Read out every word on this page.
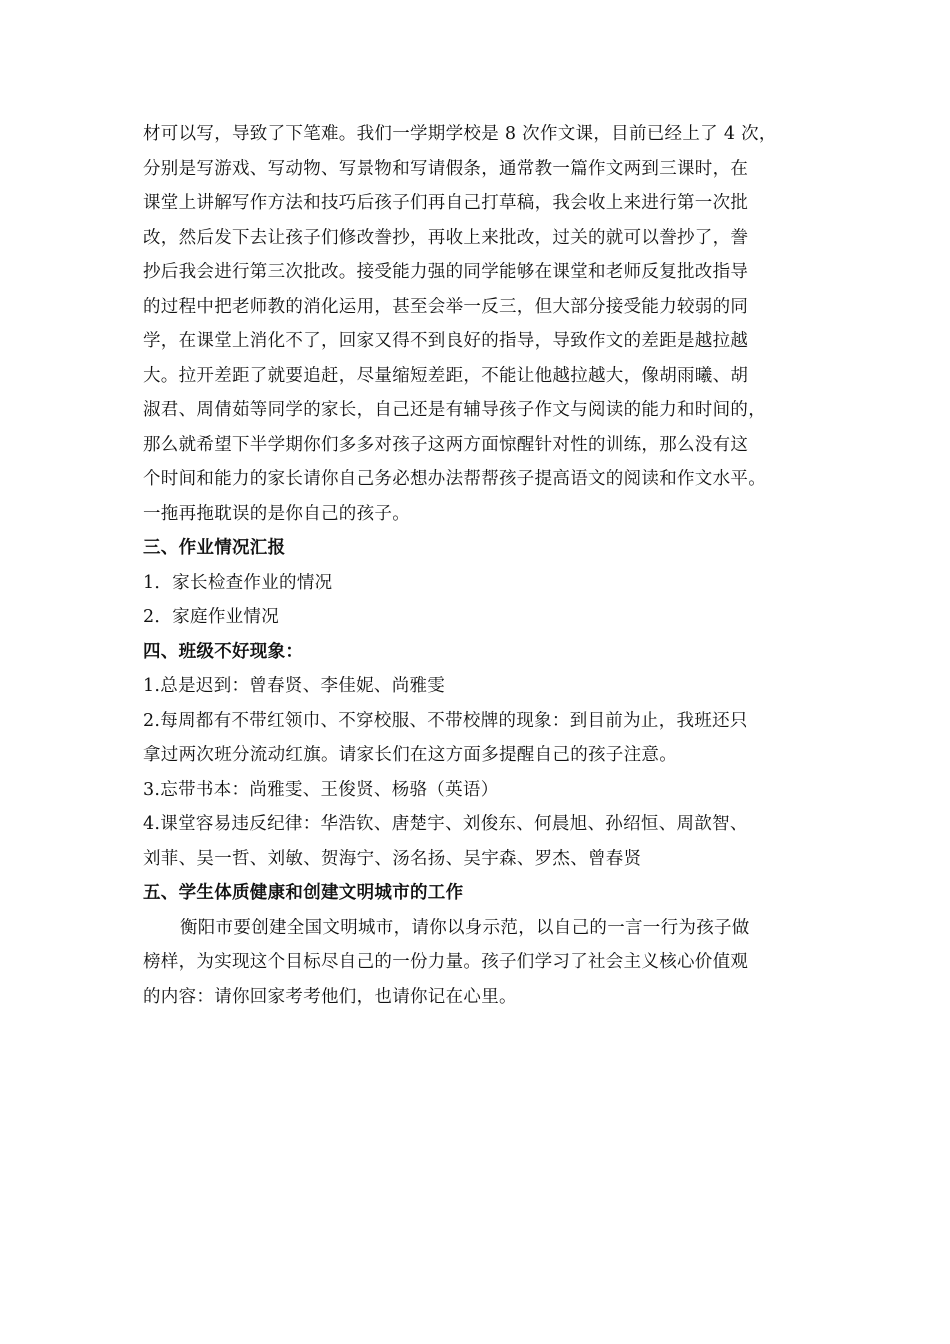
材可以写，导致了下笔难。我们一学期学校是 8 次作文课，目前已经上了 4 次，
分别是写游戏、写动物、写景物和写请假条，通常教一篇作文两到三课时，在
课堂上讲解写作方法和技巧后孩子们再自己打草稿，我会收上来进行第一次批
改，然后发下去让孩子们修改誊抄，再收上来批改，过关的就可以誊抄了，誊
抄后我会进行第三次批改。接受能力强的同学能够在课堂和老师反复批改指导
的过程中把老师教的消化运用，甚至会举一反三，但大部分接受能力较弱的同
学，在课堂上消化不了，回家又得不到良好的指导，导致作文的差距是越拉越
大。拉开差距了就要追赶，尽量缩短差距，不能让他越拉越大，像胡雨曦、胡
淑君、周倩茹等同学的家长，自己还是有辅导孩子作文与阅读的能力和时间的，
那么就希望下半学期你们多多对孩子这两方面惊醒针对性的训练，那么没有这
个时间和能力的家长请你自己务必想办法帮帮孩子提高语文的阅读和作文水平。
一拖再拖耽误的是你自己的孩子。
三、作业情况汇报
1．家长检查作业的情况
2．家庭作业情况
四、班级不好现象：
1.总是迟到：曾春贤、李佳妮、尚雅雯
2.每周都有不带红领巾、不穿校服、不带校牌的现象：到目前为止，我班还只
拿过两次班分流动红旗。请家长们在这方面多提醒自己的孩子注意。
3.忘带书本：尚雅雯、王俊贤、杨骆（英语）
4.课堂容易违反纪律：华浩钦、唐楚宇、刘俊东、何晨旭、孙绍恒、周歆智、
刘菲、吴一哲、刘敏、贺海宁、汤名扬、吴宇森、罗杰、曾春贤
五、学生体质健康和创建文明城市的工作
衡阳市要创建全国文明城市，请你以身示范，以自己的一言一行为孩子做
榜样，为实现这个目标尽自己的一份力量。孩子们学习了社会主义核心价值观
的内容：请你回家考考他们，也请你记在心里。
